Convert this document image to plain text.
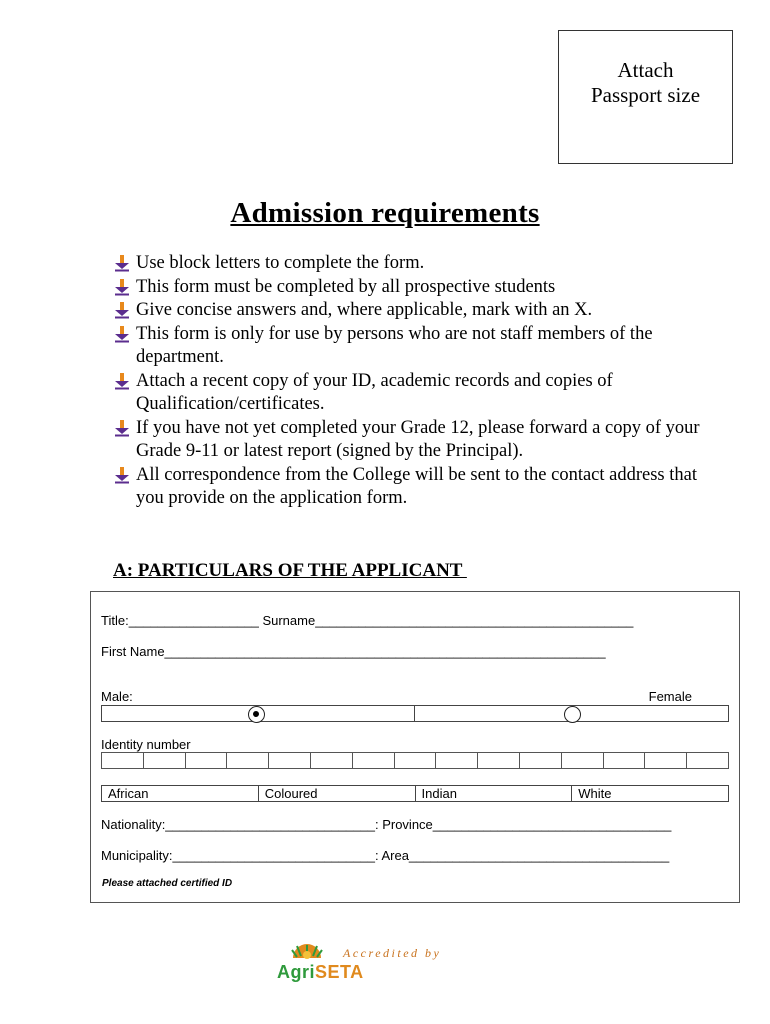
Attach
Passport size
Admission requirements
Use block letters to complete the form.
This form must be completed by all prospective students
Give concise answers and, where applicable, mark with an X.
This form is only for use by persons who are not staff members of the department.
Attach a recent copy of your ID, academic records and copies of Qualification/certificates.
If you have not yet completed your Grade 12, please forward a copy of your Grade 9-11 or latest report (signed by the Principal).
All correspondence from the College will be sent to the contact address that you provide on the application form.
A: PARTICULARS OF THE APPLICANT
Title:__________________ Surname____________________________________________
First Name_____________________________________________________________
Male:	Female
Identity number
African	Coloured	Indian	White
Nationality:_____________________________: Province_________________________________
Municipality:____________________________: Area____________________________________
Please attached certified ID
Accredited by
AgriSETA
